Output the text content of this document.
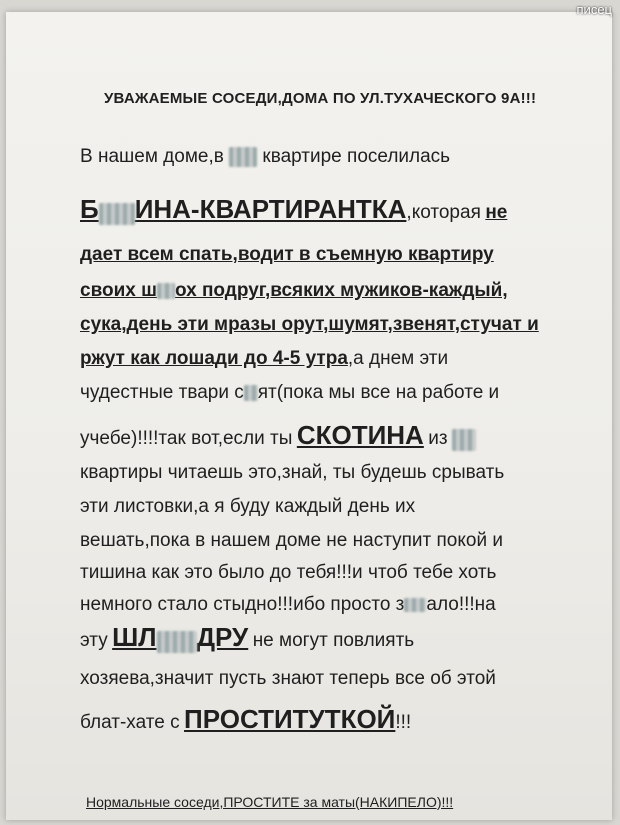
писец
УВАЖАЕМЫЕ СОСЕДИ,ДОМА ПО УЛ.ТУХАЧЕСКОГО 9А!!!
В нашем доме,в квартире поселилась
Б ИНА-КВАРТИРАНТКА,которая не
дает всем спать,водит в съемную квартиру
своих ш ох подруг,всяких мужиков-каждый,
сука,день эти мразы орут,шумят,звенят,стучат и
ржут как лошади до 4-5 утра,а днем эти
чудестные твари с ят(пока мы все на работе и
учебе)!!!!так вот,если ты СКОТИНА из
квартиры читаешь это,знай, ты будешь срывать
эти листовки,а я буду каждый день их
вешать,пока в нашем доме не наступит покой и
тишина как это было до тебя!!!и чтоб тебе хоть
немного стало стыдно!!!ибо просто з ало!!!на
эту ШЛ ДРУ не могут повлиять
хозяева,значит пусть знают теперь все об этой
блат-хате с ПРОСТИТУТКОЙ!!!
Нормальные соседи,ПРОСТИТЕ за маты(НАКИПЕЛО)!!!
